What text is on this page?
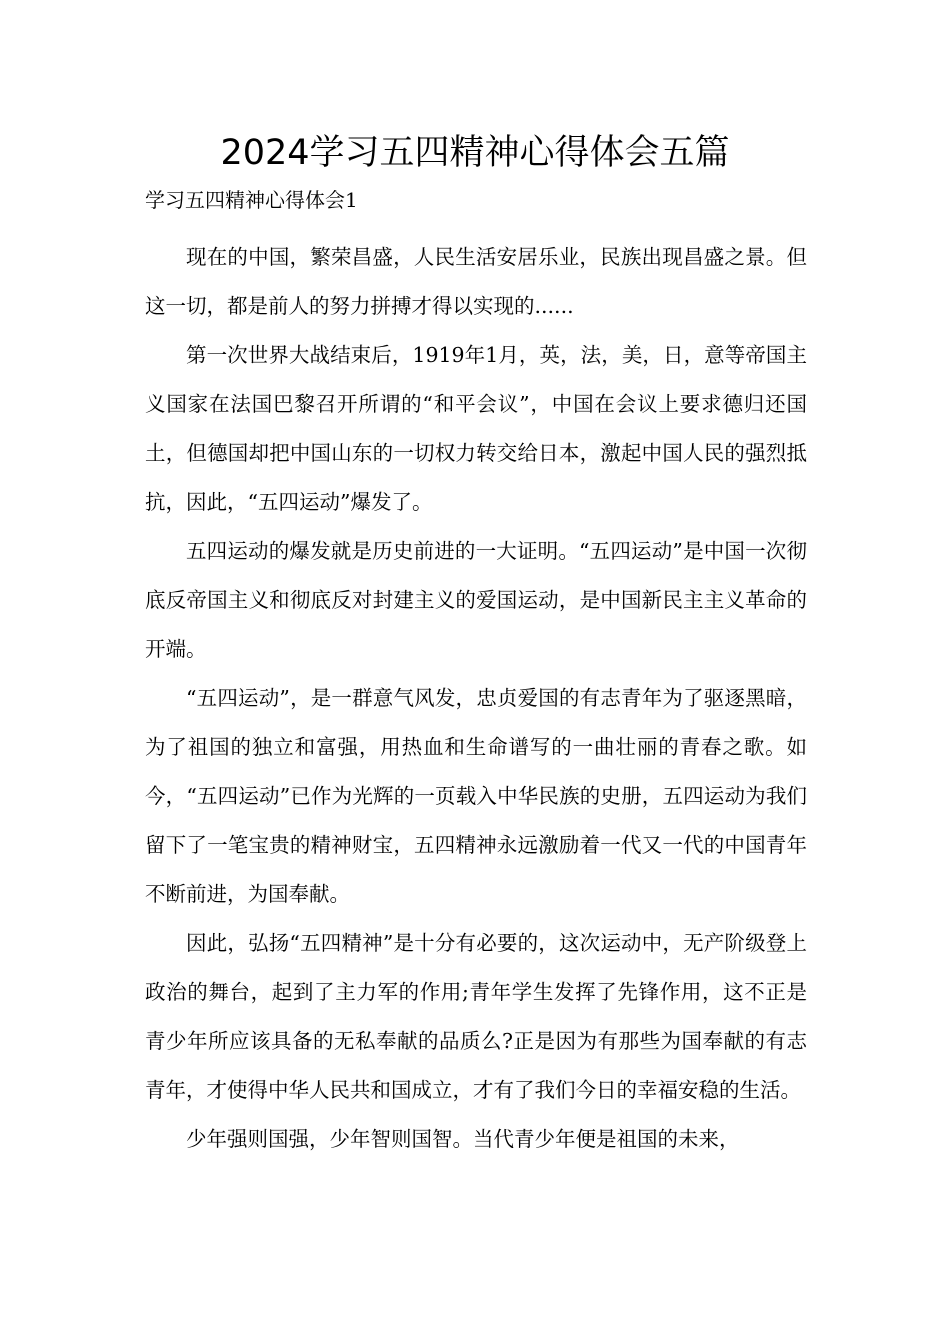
2024学习五四精神心得体会五篇

学习五四精神心得体会1

现在的中国，繁荣昌盛，人民生活安居乐业，民族出现昌盛之景。但这一切，都是前人的努力拼搏才得以实现的......

第一次世界大战结束后，1919年1月，英，法，美，日，意等帝国主义国家在法国巴黎召开所谓的“和平会议”，中国在会议上要求德归还国土，但德国却把中国山东的一切权力转交给日本，激起中国人民的强烈抵抗，因此，“五四运动”爆发了。

五四运动的爆发就是历史前进的一大证明。“五四运动”是中国一次彻底反帝国主义和彻底反对封建主义的爱国运动，是中国新民主主义革命的开端。

“五四运动”，是一群意气风发，忠贞爱国的有志青年为了驱逐黑暗，为了祖国的独立和富强，用热血和生命谱写的一曲壮丽的青春之歌。如今，“五四运动”已作为光辉的一页载入中华民族的史册，五四运动为我们留下了一笔宝贵的精神财宝，五四精神永远激励着一代又一代的中国青年不断前进，为国奉献。

因此，弘扬“五四精神”是十分有必要的，这次运动中，无产阶级登上政治的舞台，起到了主力军的作用;青年学生发挥了先锋作用，这不正是青少年所应该具备的无私奉献的品质么?正是因为有那些为国奉献的有志青年，才使得中华人民共和国成立，才有了我们今日的幸福安稳的生活。

少年强则国强，少年智则国智。当代青少年便是祖国的未来，
